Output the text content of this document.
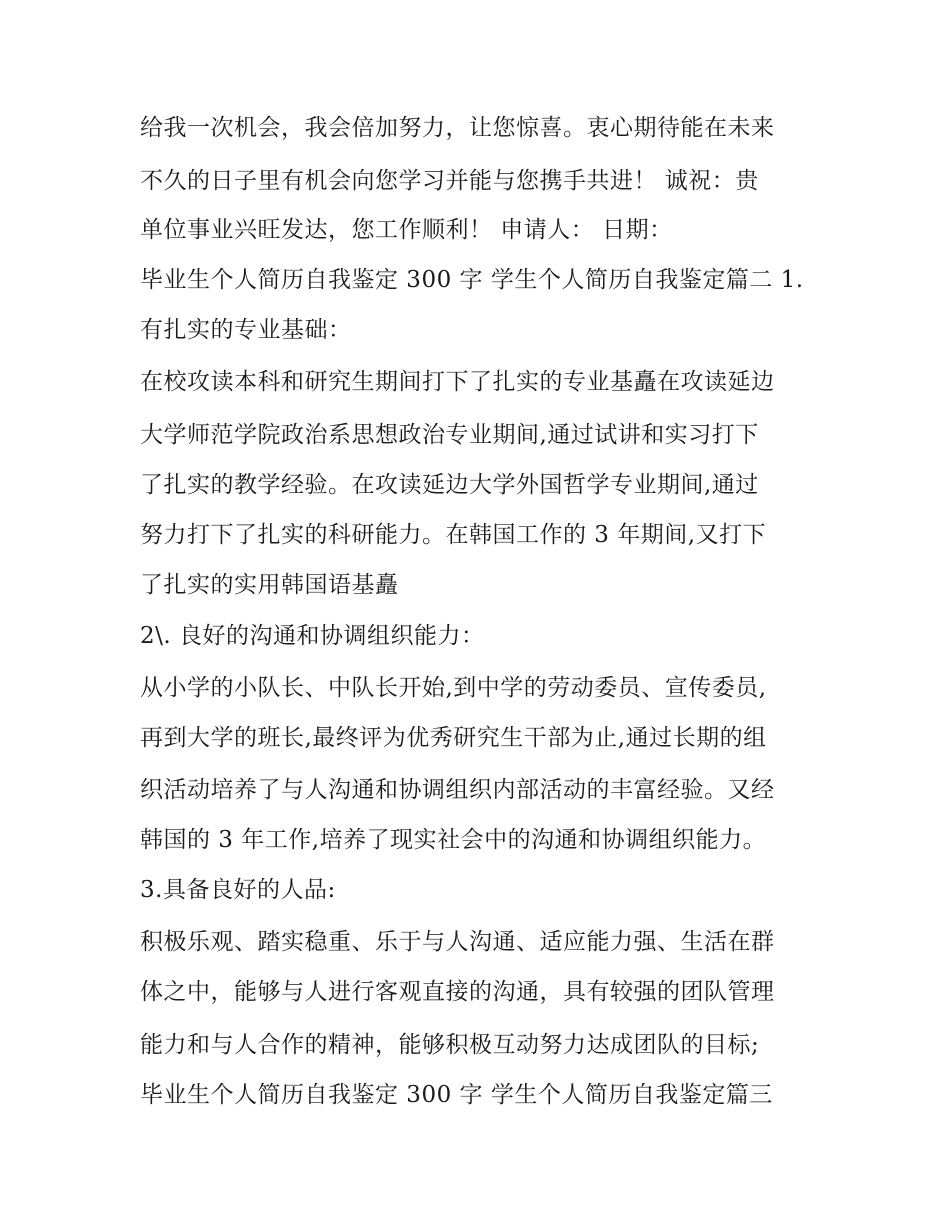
给我一次机会，我会倍加努力，让您惊喜。衷心期待能在未来

不久的日子里有机会向您学习并能与您携手共进！ 诚祝：贵

单位事业兴旺发达，您工作顺利！ 申请人： 日期：

毕业生个人简历自我鉴定 300 字 学生个人简历自我鉴定篇二 1.

有扎实的专业基础：

在校攻读本科和研究生期间打下了扎实的专业基矗在攻读延边

大学师范学院政治系思想政治专业期间,通过试讲和实习打下

了扎实的教学经验。在攻读延边大学外国哲学专业期间,通过

努力打下了扎实的科研能力。在韩国工作的 3 年期间,又打下

了扎实的实用韩国语基矗

2\. 良好的沟通和协调组织能力：

从小学的小队长、中队长开始,到中学的劳动委员、宣传委员,

再到大学的班长,最终评为优秀研究生干部为止,通过长期的组

织活动培养了与人沟通和协调组织内部活动的丰富经验。又经

韩国的 3 年工作,培养了现实社会中的沟通和协调组织能力。

3.具备良好的人品:

积极乐观、踏实稳重、乐于与人沟通、适应能力强、生活在群

体之中，能够与人进行客观直接的沟通，具有较强的团队管理

能力和与人合作的精神，能够积极互动努力达成团队的目标;

毕业生个人简历自我鉴定 300 字 学生个人简历自我鉴定篇三
